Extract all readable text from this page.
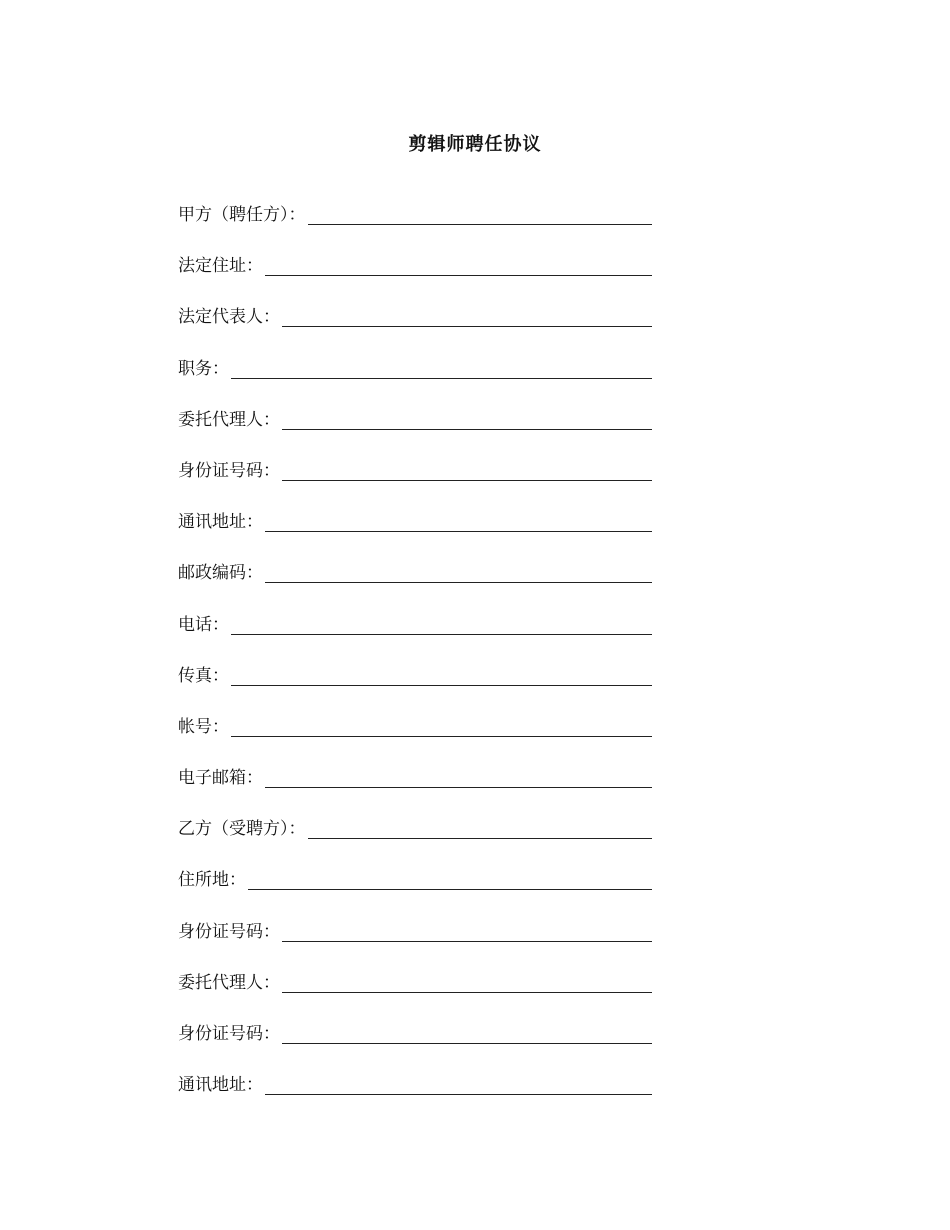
剪辑师聘任协议
甲方（聘任方）：
法定住址：
法定代表人：
职务：
委托代理人：
身份证号码：
通讯地址：
邮政编码：
电话：
传真：
帐号：
电子邮箱：
乙方（受聘方）：
住所地：
身份证号码：
委托代理人：
身份证号码：
通讯地址：
